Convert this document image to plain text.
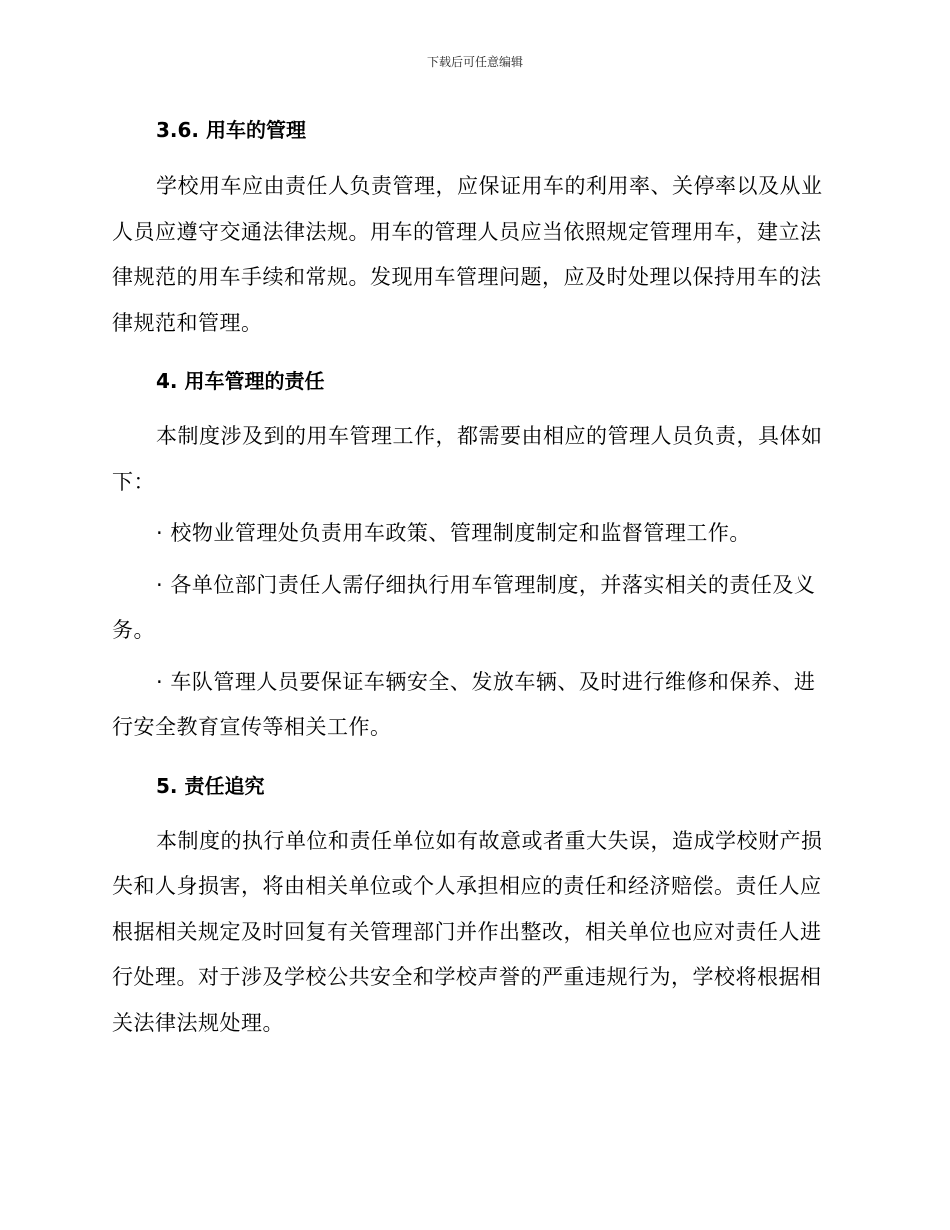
下载后可任意编辑
3.6. 用车的管理

学校用车应由责任人负责管理，应保证用车的利用率、关停率以及从业人员应遵守交通法律法规。用车的管理人员应当依照规定管理用车，建立法律规范的用车手续和常规。发现用车管理问题，应及时处理以保持用车的法律规范和管理。

4. 用车管理的责任

本制度涉及到的用车管理工作，都需要由相应的管理人员负责，具体如下：

· 校物业管理处负责用车政策、管理制度制定和监督管理工作。

· 各单位部门责任人需仔细执行用车管理制度，并落实相关的责任及义务。

· 车队管理人员要保证车辆安全、发放车辆、及时进行维修和保养、进行安全教育宣传等相关工作。

5. 责任追究

本制度的执行单位和责任单位如有故意或者重大失误，造成学校财产损失和人身损害，将由相关单位或个人承担相应的责任和经济赔偿。责任人应根据相关规定及时回复有关管理部门并作出整改，相关单位也应对责任人进行处理。对于涉及学校公共安全和学校声誉的严重违规行为，学校将根据相关法律法规处理。
